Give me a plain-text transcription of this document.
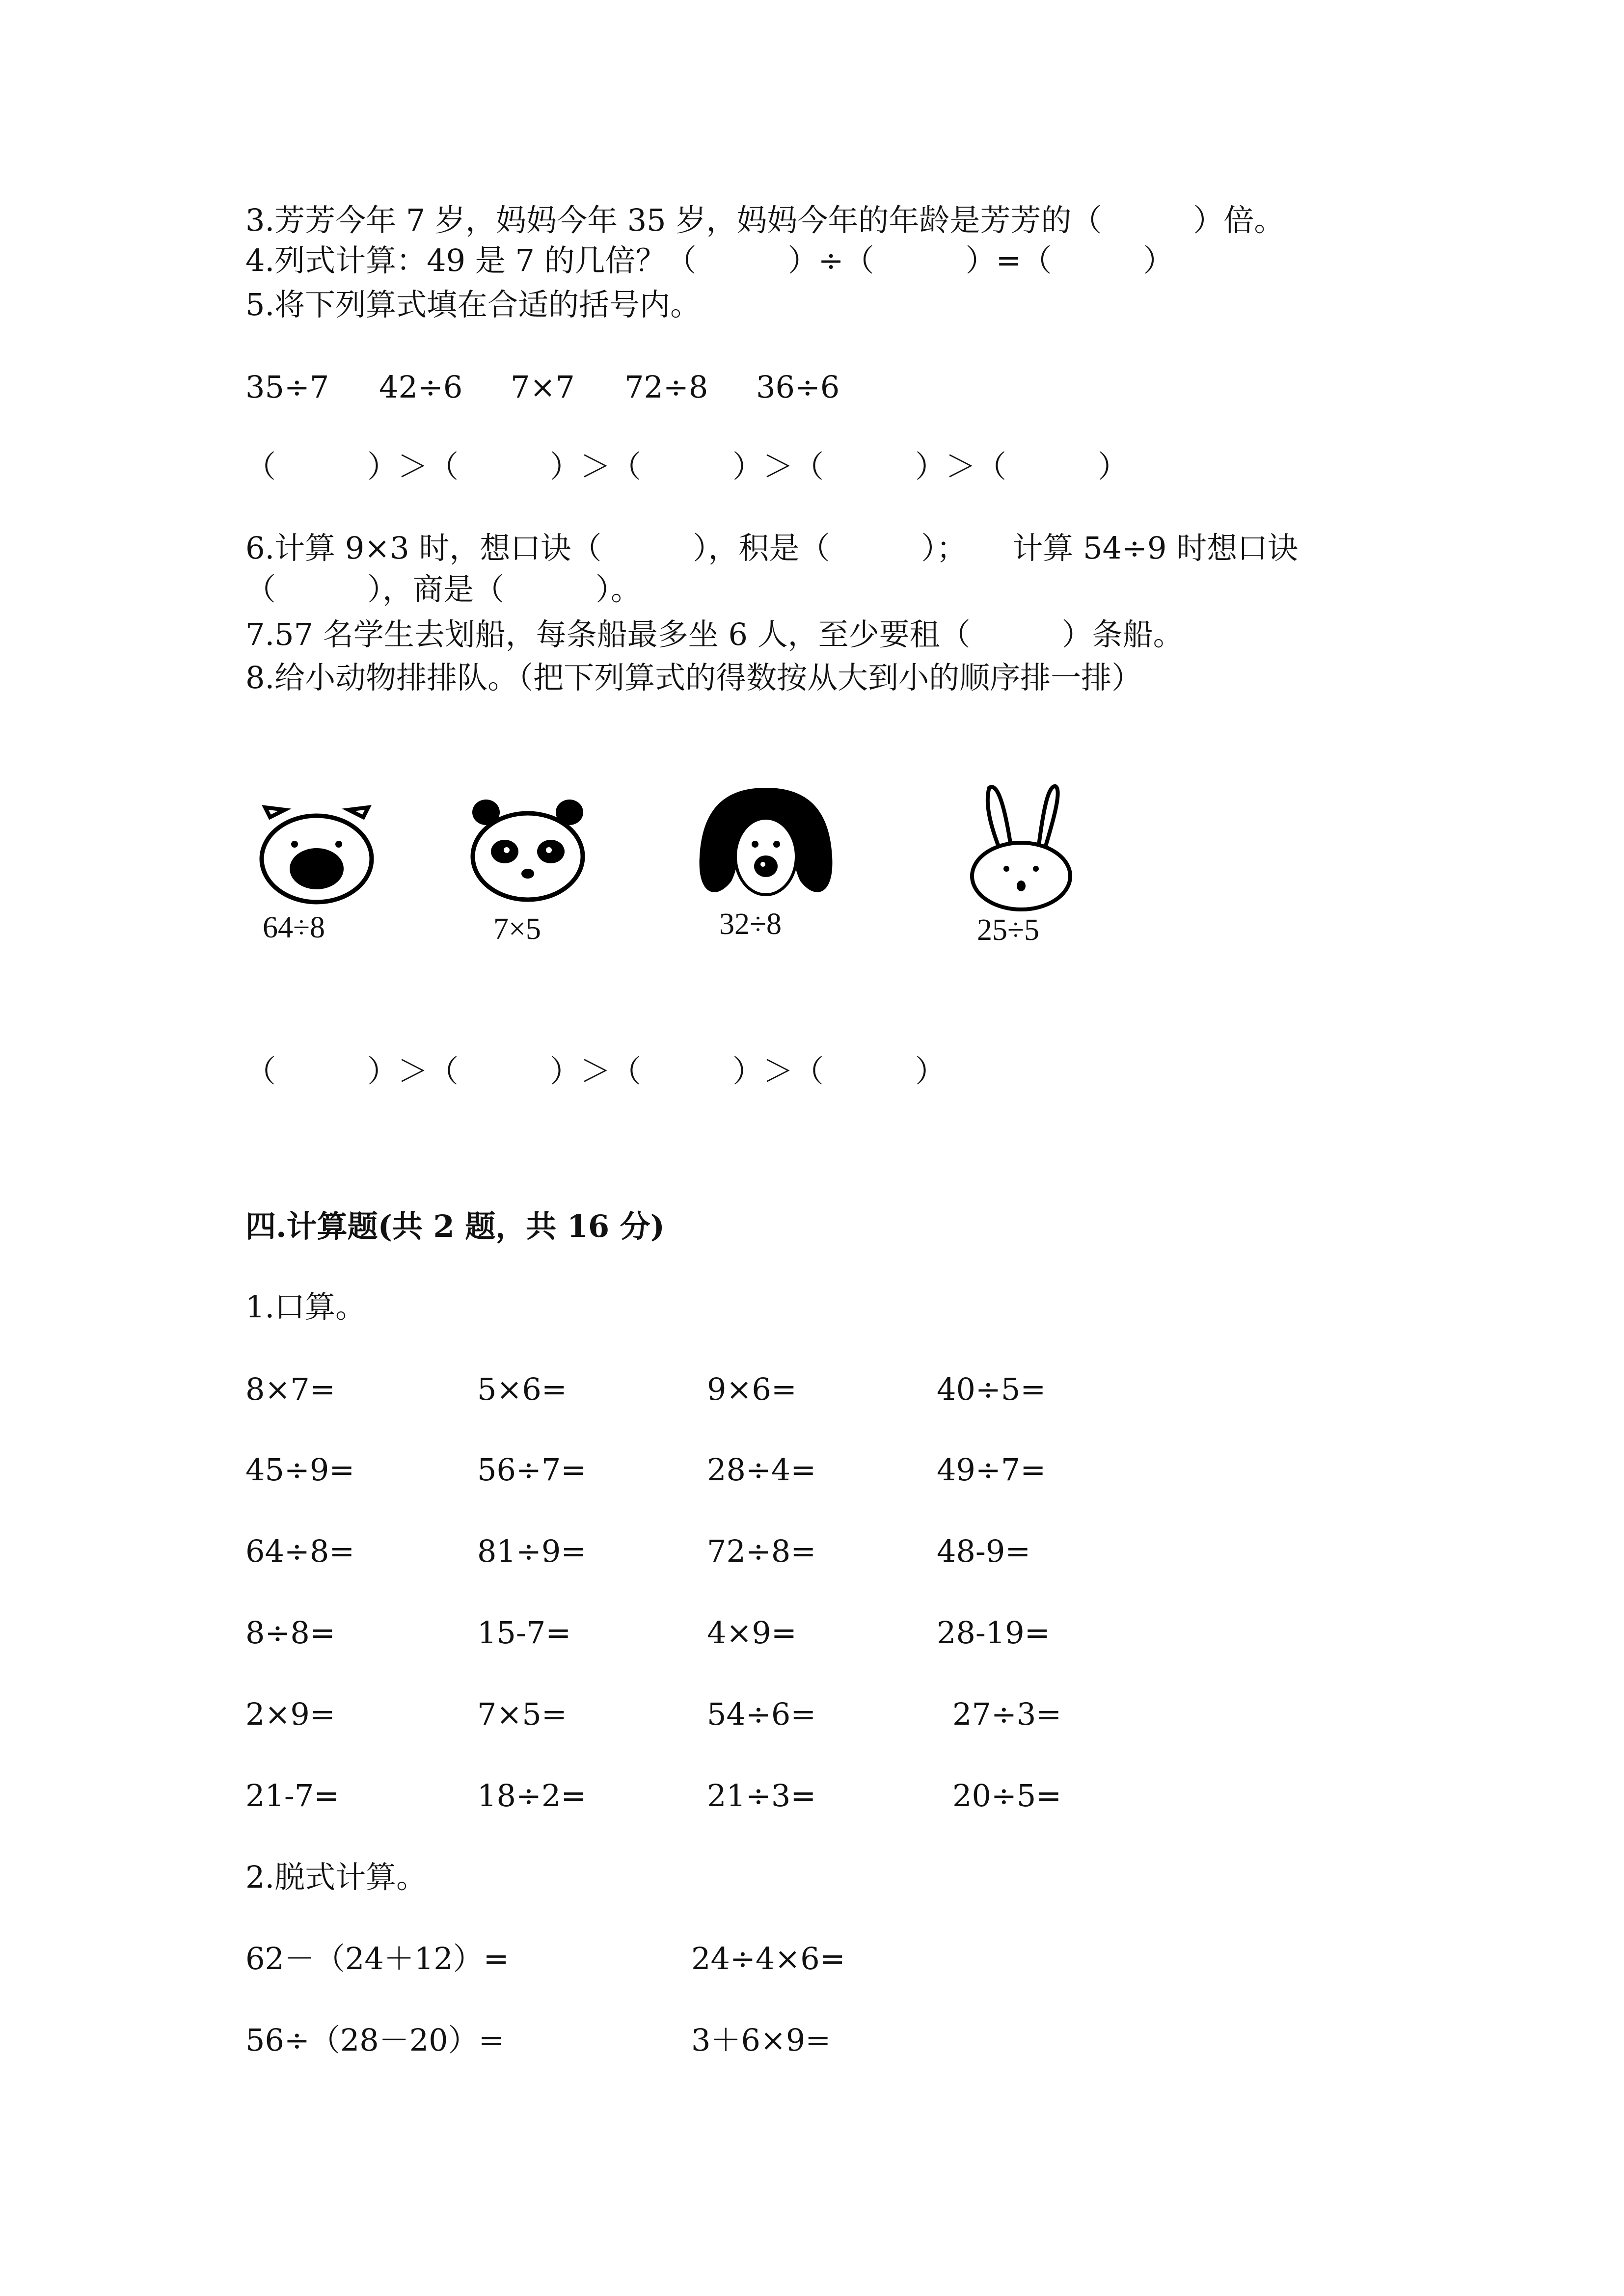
3.芳芳今年 7 岁，妈妈今年 35 岁，妈妈今年的年龄是芳芳的（　　　）倍。
4.列式计算：49 是 7 的几倍？（　　　）÷（　　　）=（　　　）
5.将下列算式填在合适的括号内。
35÷7 42÷6 7×7 72÷8 36÷6
（　　　）＞（　　　）＞（　　　）＞（　　　）＞（　　　）
6.计算 9×3 时，想口诀（　　　），积是（　　　）；　　计算 54÷9 时想口诀
（　　　），商是（　　　）。
7.57 名学生去划船，每条船最多坐 6 人，至少要租（　　　）条船。
8.给小动物排排队。（把下列算式的得数按从大到小的顺序排一排）
64÷8	7×5	32÷8	25÷5
（　　　）＞（　　　）＞（　　　）＞（　　　）
四.计算题(共 2 题，共 16 分)
1.口算。
8×7=	5×6=	9×6=	40÷5=
45÷9=	56÷7=	28÷4=	49÷7=
64÷8=	81÷9=	72÷8=	48-9=
8÷8=	15-7=	4×9=	28-19=
2×9=	7×5=	54÷6=	27÷3=
21-7=	18÷2=	21÷3=	20÷5=
2.脱式计算。
62－（24＋12）=	24÷4×6=
56÷（28－20）=	3＋6×9=
